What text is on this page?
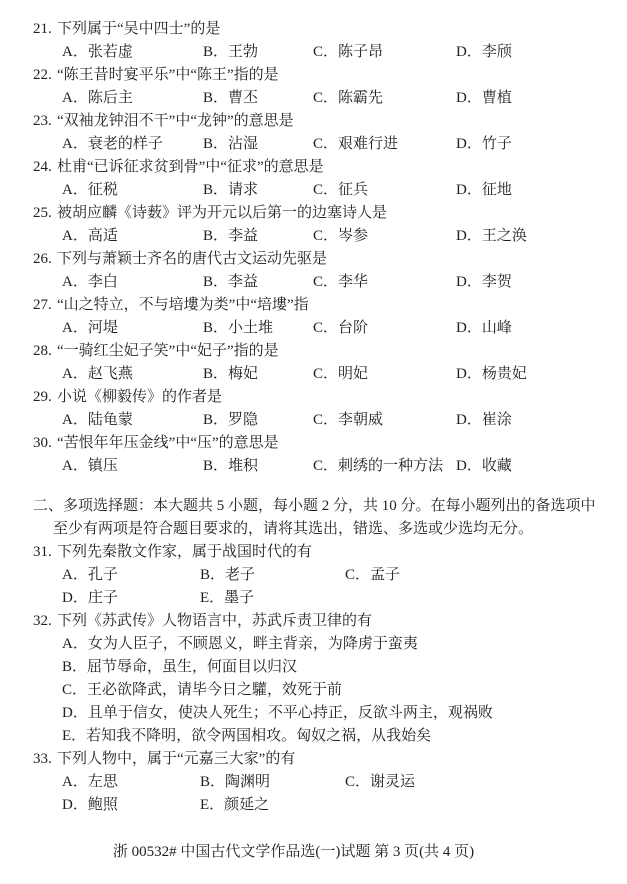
21. 下列属于“吴中四士”的是
A．张若虚	B．王勃	C．陈子昂	D．李颀
22. “陈王昔时宴平乐”中“陈王”指的是
A．陈后主	B．曹丕	C．陈霸先	D．曹植
23. “双袖龙钟泪不干”中“龙钟”的意思是
A．衰老的样子	B．沾湿	C．艰难行进	D．竹子
24. 杜甫“已诉征求贫到骨”中“征求”的意思是
A．征税	B．请求	C．征兵	D．征地
25. 被胡应麟《诗薮》评为开元以后第一的边塞诗人是
A．高适	B．李益	C．岑参	D．王之涣
26. 下列与萧颖士齐名的唐代古文运动先驱是
A．李白	B．李益	C．李华	D．李贺
27. “山之特立，不与培塿为类”中“培塿”指
A．河堤	B．小土堆	C．台阶	D．山峰
28. “一骑红尘妃子笑”中“妃子”指的是
A．赵飞燕	B．梅妃	C．明妃	D．杨贵妃
29. 小说《柳毅传》的作者是
A．陆龟蒙	B．罗隐	C．李朝威	D．崔涂
30. “苦恨年年压金线”中“压”的意思是
A．镇压	B．堆积	C．刺绣的一种方法 D．收藏
二、多项选择题：本大题共 5 小题，每小题 2 分，共 10 分。在每小题列出的备选项中
至少有两项是符合题目要求的，请将其选出，错选、多选或少选均无分。
31. 下列先秦散文作家，属于战国时代的有
A．孔子	B．老子	C．孟子
D．庄子	E．墨子
32. 下列《苏武传》人物语言中，苏武斥责卫律的有
A．女为人臣子，不顾恩义，畔主背亲，为降虏于蛮夷
B．屈节辱命，虽生，何面目以归汉
C．王必欲降武，请毕今日之驩，效死于前
D．且单于信女，使决人死生；不平心持正，反欲斗两主，观祸败
E．若知我不降明，欲令两国相攻。匈奴之祸，从我始矣
33. 下列人物中，属于“元嘉三大家”的有
A．左思	B．陶渊明	C．谢灵运
D．鲍照	E．颜延之
浙 00532# 中国古代文学作品选(一)试题 第 3 页(共 4 页)
